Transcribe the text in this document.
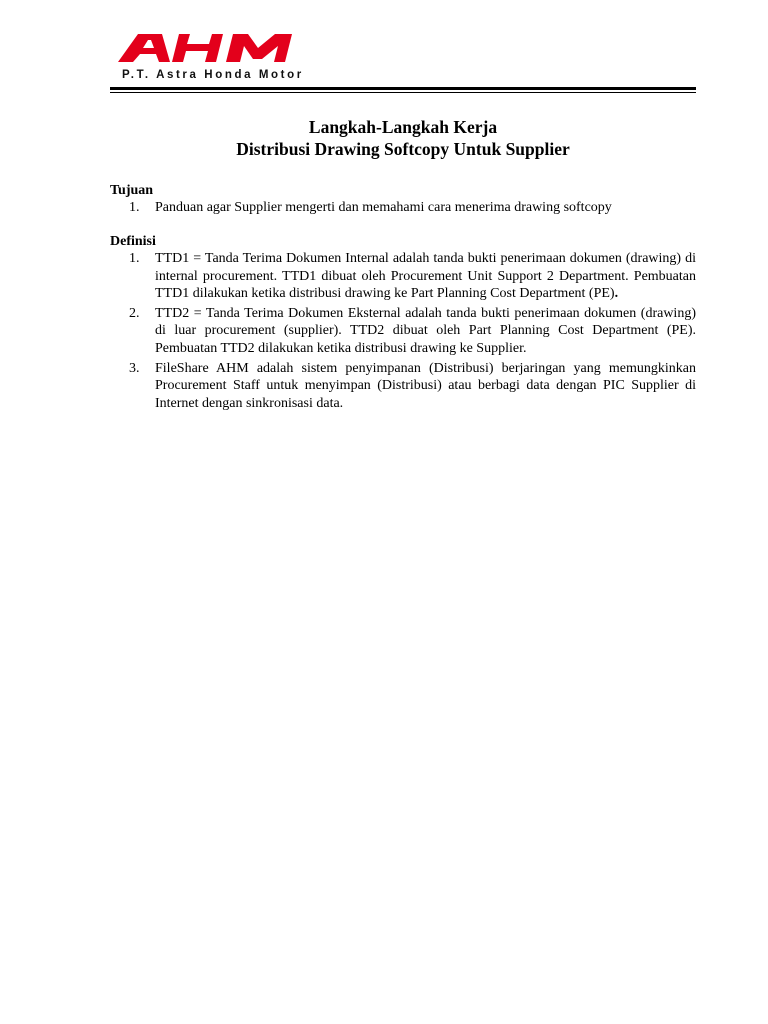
P.T. Astra Honda Motor
Langkah-Langkah Kerja
Distribusi Drawing Softcopy Untuk Supplier
Tujuan
1. Panduan agar Supplier mengerti dan memahami cara menerima drawing softcopy
Definisi
1. TTD1 = Tanda Terima Dokumen Internal adalah tanda bukti penerimaan dokumen (drawing) di internal procurement. TTD1 dibuat oleh Procurement Unit Support 2 Department. Pembuatan TTD1 dilakukan ketika distribusi drawing ke Part Planning Cost Department (PE).
2. TTD2 = Tanda Terima Dokumen Eksternal adalah tanda bukti penerimaan dokumen (drawing) di luar procurement (supplier). TTD2 dibuat oleh Part Planning Cost Department (PE). Pembuatan TTD2 dilakukan ketika distribusi drawing ke Supplier.
3. FileShare AHM adalah sistem penyimpanan (Distribusi) berjaringan yang memungkinkan Procurement Staff untuk menyimpan (Distribusi) atau berbagi data dengan PIC Supplier di Internet dengan sinkronisasi data.
